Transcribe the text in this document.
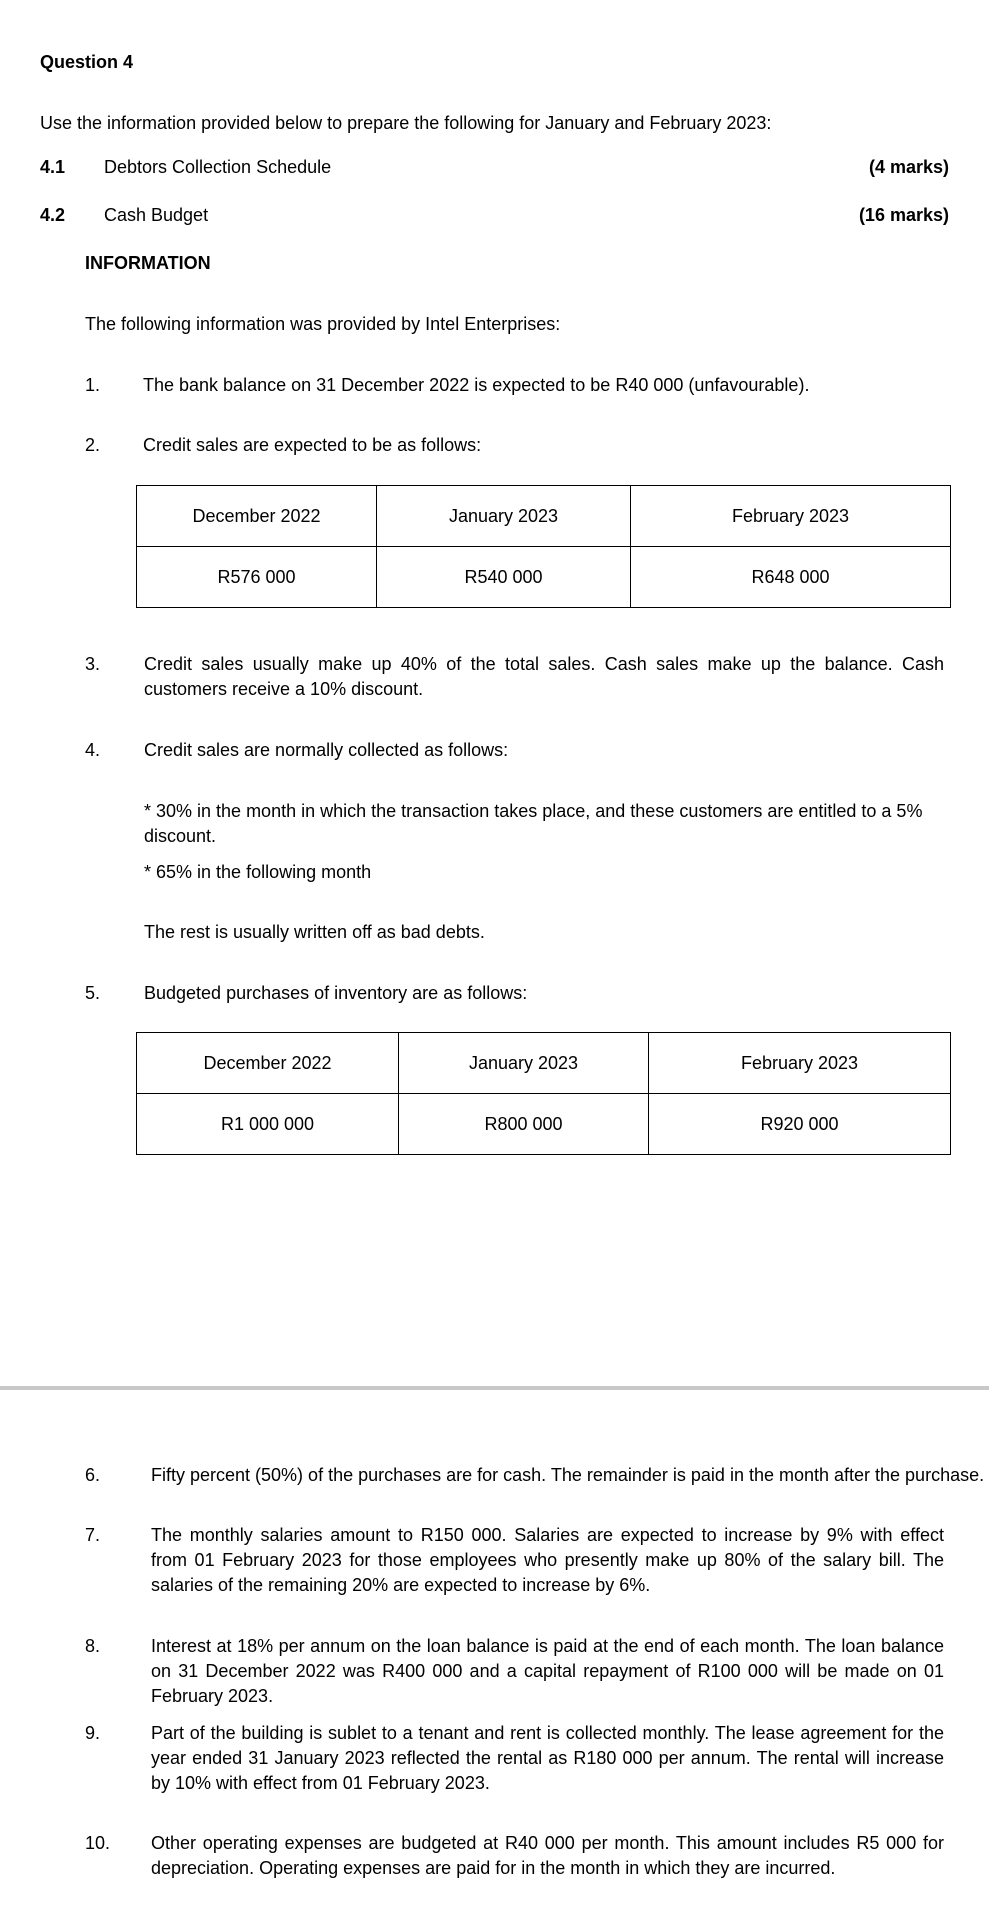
Question 4
Use the information provided below to prepare the following for January and February 2023:
4.1 Debtors Collection Schedule	(4 marks)
4.2 Cash Budget	(16 marks)
INFORMATION
The following information was provided by Intel Enterprises:
1. The bank balance on 31 December 2022 is expected to be R40 000 (unfavourable).
2. Credit sales are expected to be as follows:
December 2022	January 2023	February 2023
R576 000	R540 000	R648 000
3. Credit sales usually make up 40% of the total sales. Cash sales make up the balance. Cash customers receive a 10% discount.
4. Credit sales are normally collected as follows:
* 30% in the month in which the transaction takes place, and these customers are entitled to a 5% discount.
* 65% in the following month
The rest is usually written off as bad debts.
5. Budgeted purchases of inventory are as follows:
December 2022	January 2023	February 2023
R1 000 000	R800 000	R920 000
6.	Fifty percent (50%) of the purchases are for cash. The remainder is paid in the month after the purchase.
7.	The monthly salaries amount to R150 000. Salaries are expected to increase by 9% with effect from 01 February 2023 for those employees who presently make up 80% of the salary bill. The salaries of the remaining 20% are expected to increase by 6%.
8.	Interest at 18% per annum on the loan balance is paid at the end of each month. The loan balance on 31 December 2022 was R400 000 and a capital repayment of R100 000 will be made on 01 February 2023.
9.	Part of the building is sublet to a tenant and rent is collected monthly. The lease agreement for the year ended 31 January 2023 reflected the rental as R180 000 per annum. The rental will increase by 10% with effect from 01 February 2023.
10. Other operating expenses are budgeted at R40 000 per month. This amount includes R5 000 for depreciation. Operating expenses are paid for in the month in which they are incurred.
